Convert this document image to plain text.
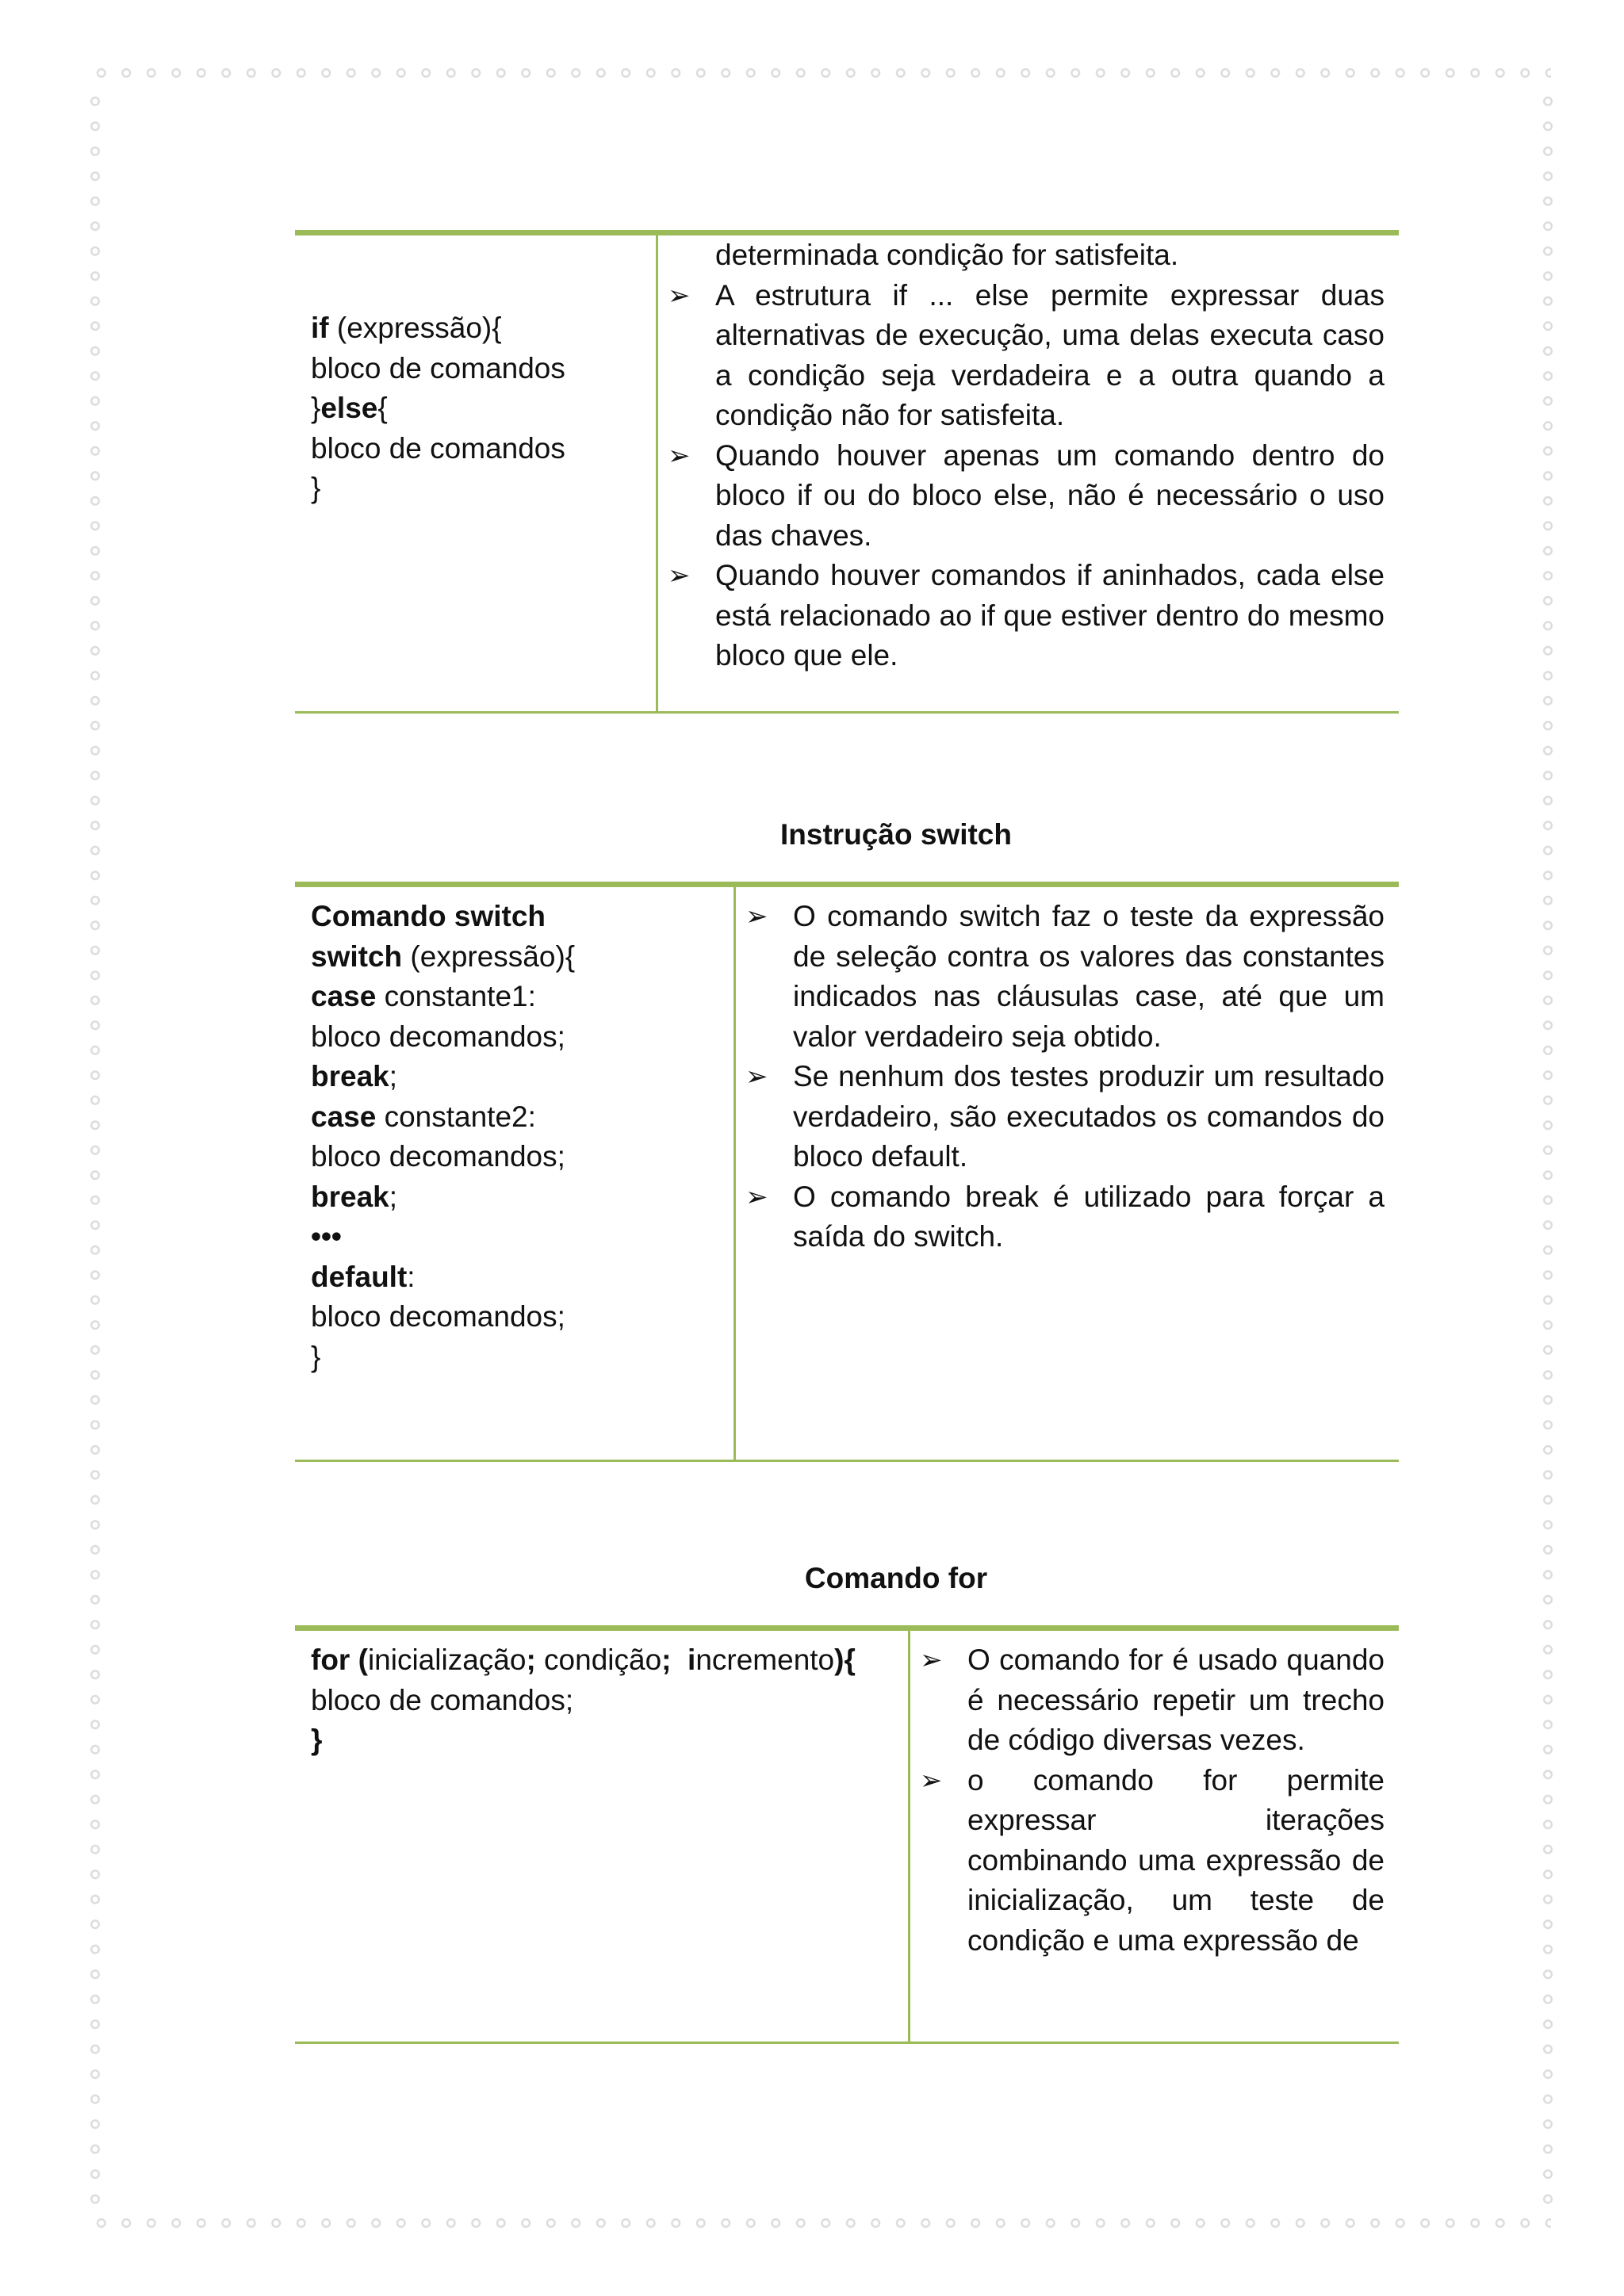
if (expressão){
bloco de comandos
}else{
bloco de comandos
}
determinada condição for satisfeita.
➢ A estrutura if ... else permite expressar duas alternativas de execução, uma delas executa caso a condição seja verdadeira e a outra quando a condição não for satisfeita.
➢ Quando houver apenas um comando dentro do bloco if ou do bloco else, não é necessário o uso das chaves.
➢ Quando houver comandos if aninhados, cada else está relacionado ao if que estiver dentro do mesmo bloco que ele.
Instrução switch
Comando switch
switch (expressão){
case constante1:
bloco decomandos;
break;
case constante2:
bloco decomandos;
break;
•••
default:
bloco decomandos;
}
➢ O comando switch faz o teste da expressão de seleção contra os valores das constantes indicados nas cláusulas case, até que um valor verdadeiro seja obtido.
➢ Se nenhum dos testes produzir um resultado verdadeiro, são executados os comandos do bloco default.
➢ O comando break é utilizado para forçar a saída do switch.
Comando for
for (inicialização; condição; incremento){
bloco de comandos;
}
➢ O comando for é usado quando é necessário repetir um trecho de código diversas vezes.
➢ o comando for permite expressar iterações combinando uma expressão de inicialização, um teste de condição e uma expressão de
